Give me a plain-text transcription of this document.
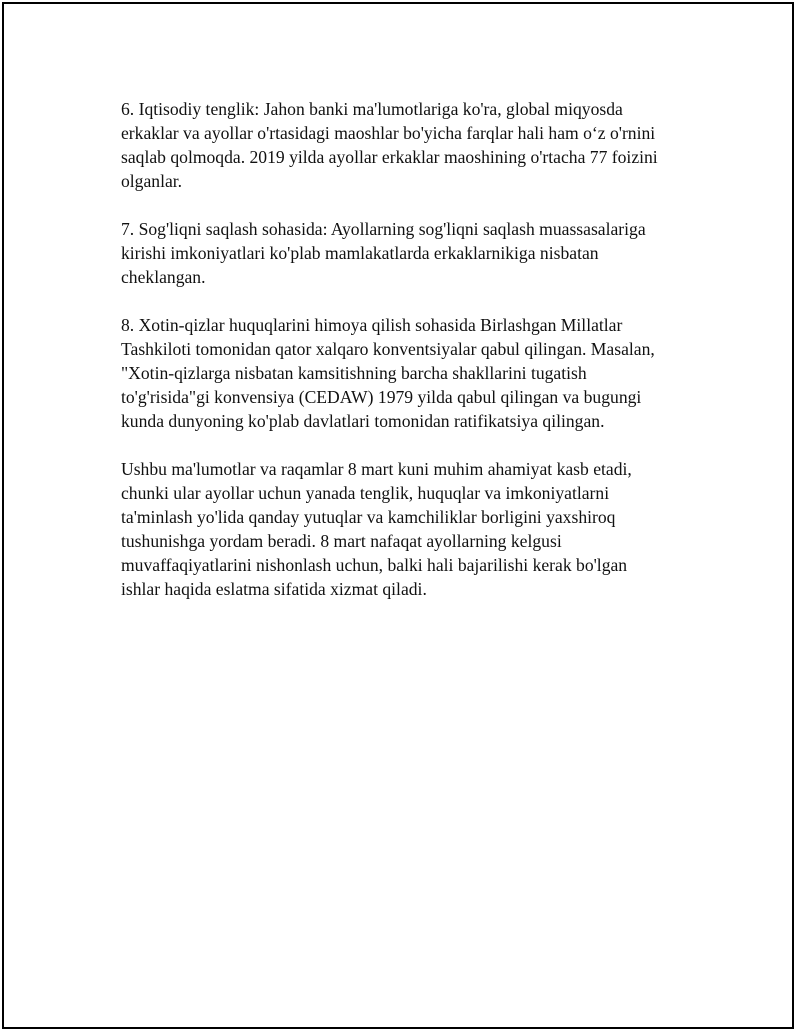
6. Iqtisodiy tenglik: Jahon banki ma'lumotlariga ko'ra, global miqyosda
erkaklar va ayollar o'rtasidagi maoshlar bo'yicha farqlar hali ham o‘z o'rnini
saqlab qolmoqda. 2019 yilda ayollar erkaklar maoshining o'rtacha 77 foizini
olganlar.

7. Sog'liqni saqlash sohasida: Ayollarning sog'liqni saqlash muassasalariga
kirishi imkoniyatlari ko'plab mamlakatlarda erkaklarnikiga nisbatan
cheklangan.

8. Xotin-qizlar huquqlarini himoya qilish sohasida Birlashgan Millatlar
Tashkiloti tomonidan qator xalqaro konventsiyalar qabul qilingan. Masalan,
"Xotin-qizlarga nisbatan kamsitishning barcha shakllarini tugatish
to'g'risida"gi konvensiya (CEDAW) 1979 yilda qabul qilingan va bugungi
kunda dunyoning ko'plab davlatlari tomonidan ratifikatsiya qilingan.

Ushbu ma'lumotlar va raqamlar 8 mart kuni muhim ahamiyat kasb etadi,
chunki ular ayollar uchun yanada tenglik, huquqlar va imkoniyatlarni
ta'minlash yo'lida qanday yutuqlar va kamchiliklar borligini yaxshiroq
tushunishga yordam beradi. 8 mart nafaqat ayollarning kelgusi
muvaffaqiyatlarini nishonlash uchun, balki hali bajarilishi kerak bo'lgan
ishlar haqida eslatma sifatida xizmat qiladi.
